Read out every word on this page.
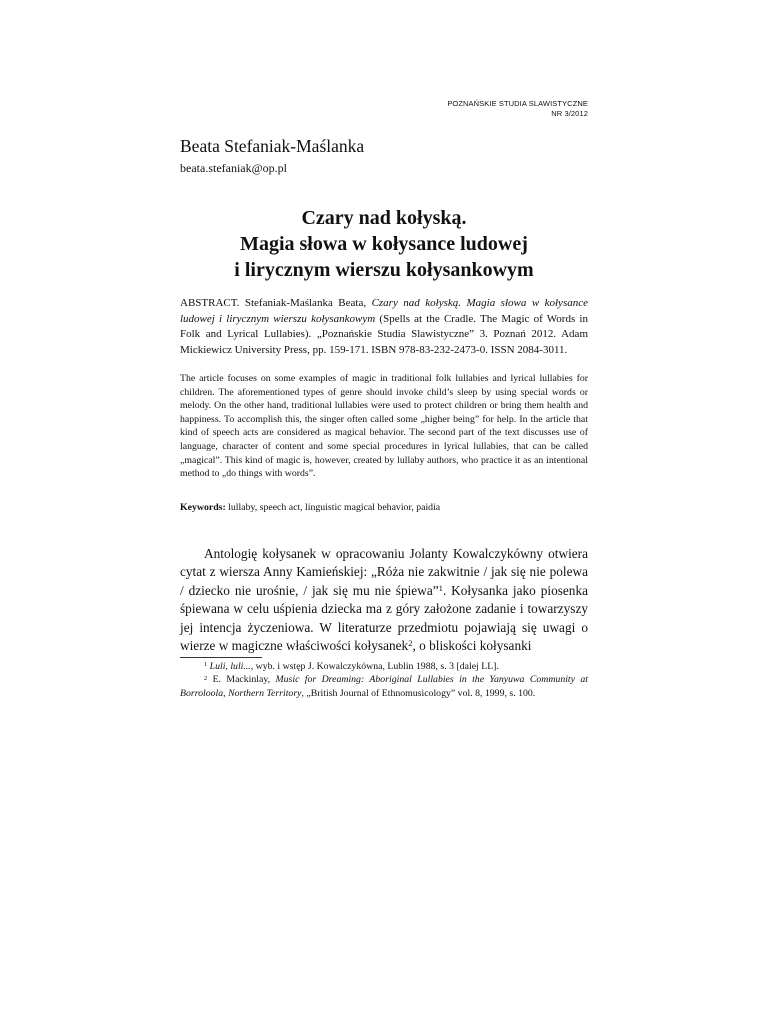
POZNAŃSKIE STUDIA SLAWISTYCZNE
NR 3/2012
Beata Stefaniak-Maślanka
beata.stefaniak@op.pl
Czary nad kołyską.
Magia słowa w kołysance ludowej
i lirycznym wierszu kołysankowym
ABSTRACT. Stefaniak-Maślanka Beata, Czary nad kołyską. Magia słowa w kołysance ludowej i lirycznym wierszu kołysankowym (Spells at the Cradle. The Magic of Words in Folk and Lyrical Lullabies). „Poznańskie Studia Slawistyczne” 3. Poznań 2012. Adam Mickiewicz University Press, pp. 159-171. ISBN 978-83-232-2473-0. ISSN 2084-3011.
The article focuses on some examples of magic in traditional folk lullabies and lyrical lullabies for children. The aforementioned types of genre should invoke child’s sleep by using special words or melody. On the other hand, traditional lullabies were used to protect children or bring them health and happiness. To accomplish this, the singer often called some „higher being” for help. In the article that kind of speech acts are considered as magical behavior. The second part of the text discusses use of language, character of content and some special procedures in lyrical lullabies, that can be called „magical”. This kind of magic is, however, created by lullaby authors, who practice it as an intentional method to „do things with words”.
Keywords: lullaby, speech act, linguistic magical behavior, paidia
Antologię kołysanek w opracowaniu Jolanty Kowalczykówny otwiera cytat z wiersza Anny Kamieńskiej: „Róża nie zakwitnie / jak się nie polewa / dziecko nie urośnie, / jak się mu nie śpiewa”$^1$. Kołysanka jako piosenka śpiewana w celu uśpienia dziecka ma z góry założone zadanie i towarzyszy jej intencja życzeniowa. W literaturze przedmiotu pojawiają się uwagi o wierze w magiczne właściwości kołysanek$^2$, o bliskości kołysanki
$^1$ Luli, luli..., wyb. i wstęp J. Kowalczykówna, Lublin 1988, s. 3 [dalej LL].
$^2$ E. Mackinlay, Music for Dreaming: Aboriginal Lullabies in the Yanyuwa Community at Borroloola, Northern Territory, „British Journal of Ethnomusicology” vol. 8, 1999, s. 100.
